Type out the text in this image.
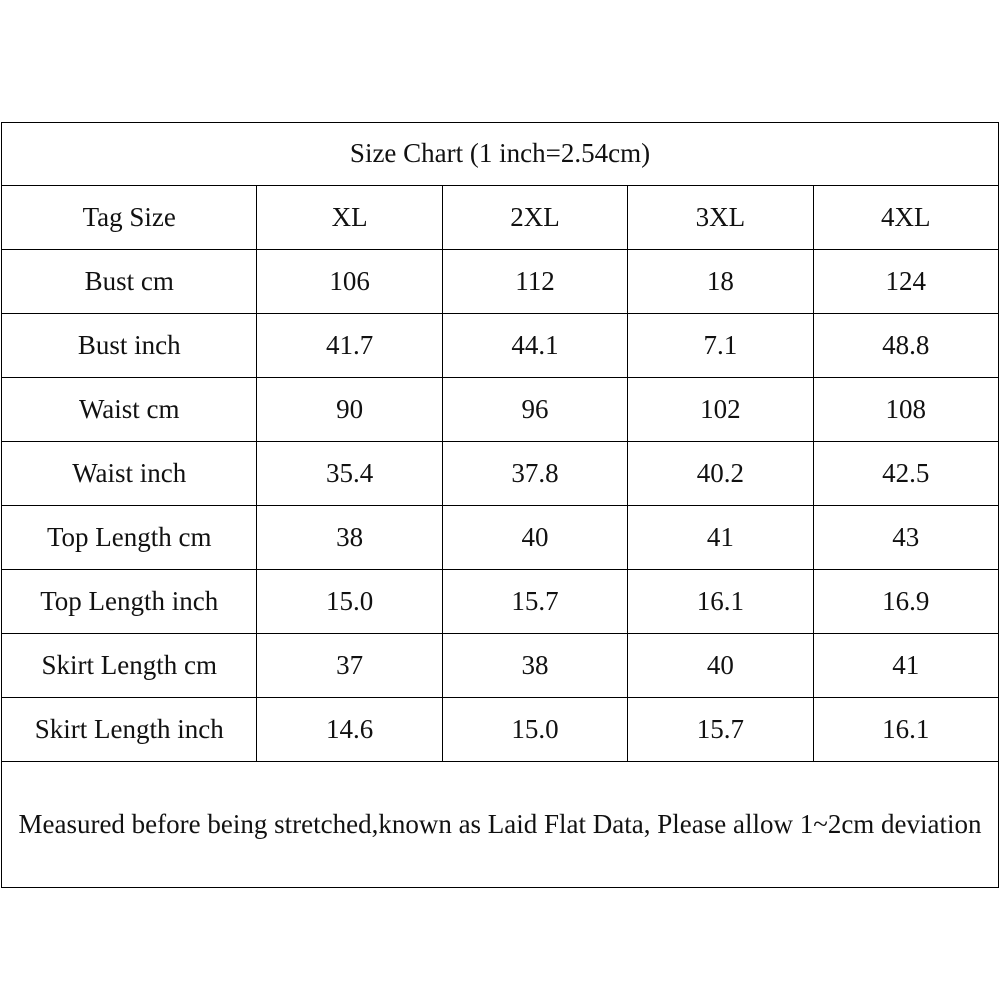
Size Chart (1 inch=2.54cm)				
Tag Size	XL	2XL	3XL	4XL
Bust cm	106	112	18	124
Bust inch	41.7	44.1	7.1	48.8
Waist cm	90	96	102	108
Waist inch	35.4	37.8	40.2	42.5
Top Length cm	38	40	41	43
Top Length inch	15.0	15.7	16.1	16.9
Skirt Length cm	37	38	40	41
Skirt Length inch	14.6	15.0	15.7	16.1
Measured before being stretched,known as Laid Flat Data, Please allow 1~2cm deviation				
